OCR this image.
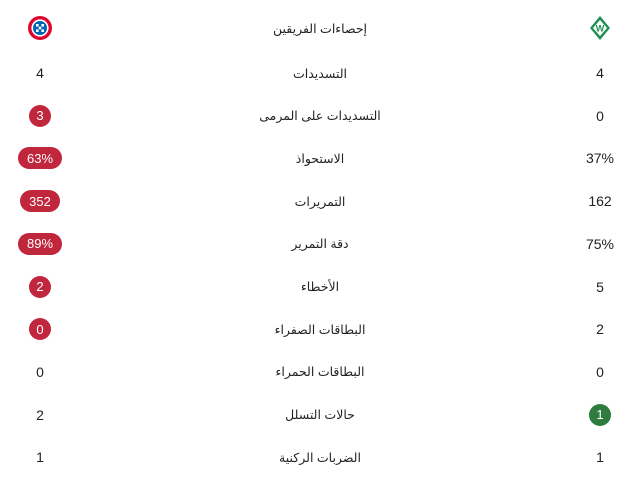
إحصاءات الفريقين	W
4	التسديدات	4
3	التسديدات على المرمى	0
63%	الاستحواذ	37%
352	التمريرات	162
89%	دقة التمرير	75%
2	الأخطاء	5
0	البطاقات الصفراء	2
0	البطاقات الحمراء	0
2	حالات التسلل	1
1	الضربات الركنية	1
